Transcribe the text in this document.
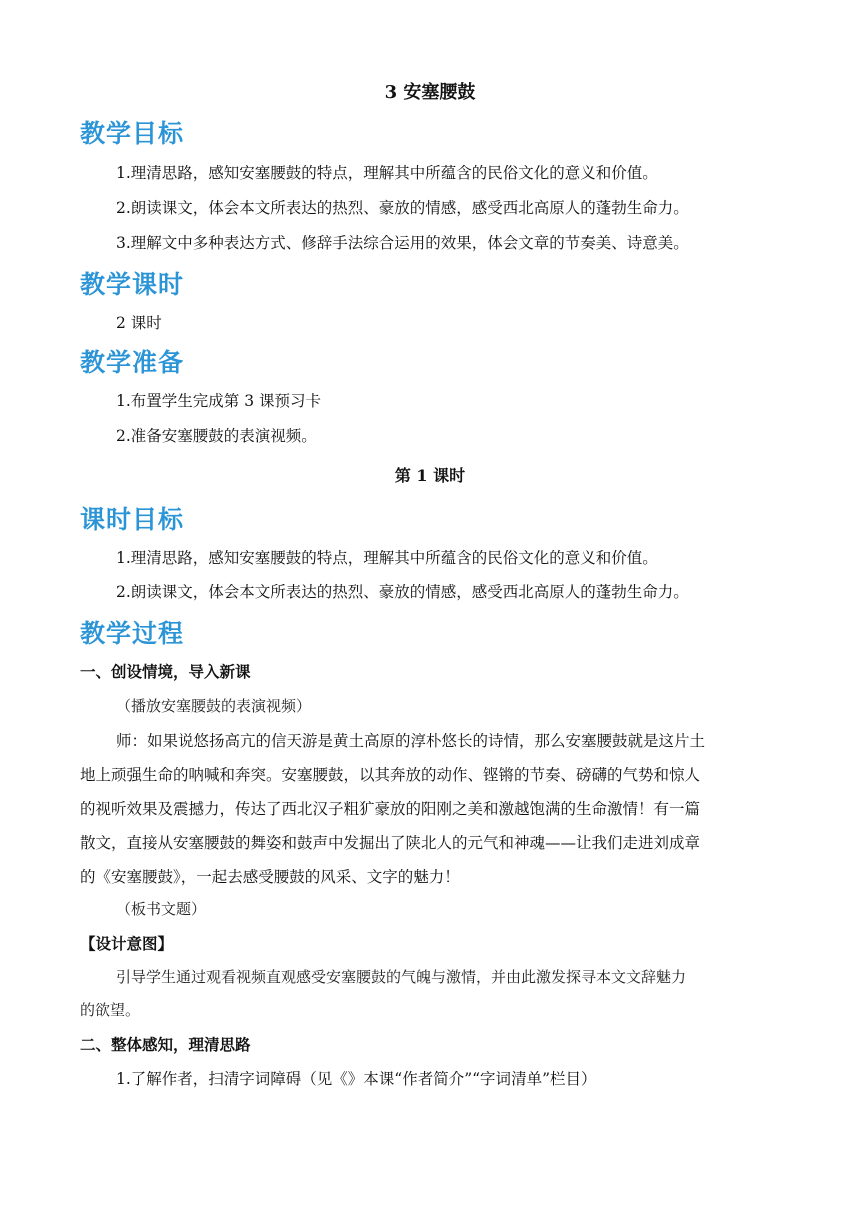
3 安塞腰鼓
教学目标
1.理清思路，感知安塞腰鼓的特点，理解其中所蕴含的民俗文化的意义和价值。
2.朗读课文，体会本文所表达的热烈、豪放的情感，感受西北高原人的蓬勃生命力。
3.理解文中多种表达方式、修辞手法综合运用的效果，体会文章的节奏美、诗意美。
教学课时
2 课时
教学准备
1.布置学生完成第 3 课预习卡
2.准备安塞腰鼓的表演视频。
第 1 课时
课时目标
1.理清思路，感知安塞腰鼓的特点，理解其中所蕴含的民俗文化的意义和价值。
2.朗读课文，体会本文所表达的热烈、豪放的情感，感受西北高原人的蓬勃生命力。
教学过程
一、创设情境，导入新课
（播放安塞腰鼓的表演视频）
师：如果说悠扬高亢的信天游是黄土高原的淳朴悠长的诗情，那么安塞腰鼓就是这片土
地上顽强生命的呐喊和奔突。安塞腰鼓，以其奔放的动作、铿锵的节奏、磅礴的气势和惊人
的视听效果及震撼力，传达了西北汉子粗犷豪放的阳刚之美和激越饱满的生命激情！有一篇
散文，直接从安塞腰鼓的舞姿和鼓声中发掘出了陕北人的元气和神魂——让我们走进刘成章
的《安塞腰鼓》，一起去感受腰鼓的风采、文字的魅力！
（板书文题）
【设计意图】
引导学生通过观看视频直观感受安塞腰鼓的气魄与激情，并由此激发探寻本文文辞魅力
的欲望。
二、整体感知，理清思路
1.了解作者，扫清字词障碍（见《》本课“作者简介”“字词清单”栏目）
